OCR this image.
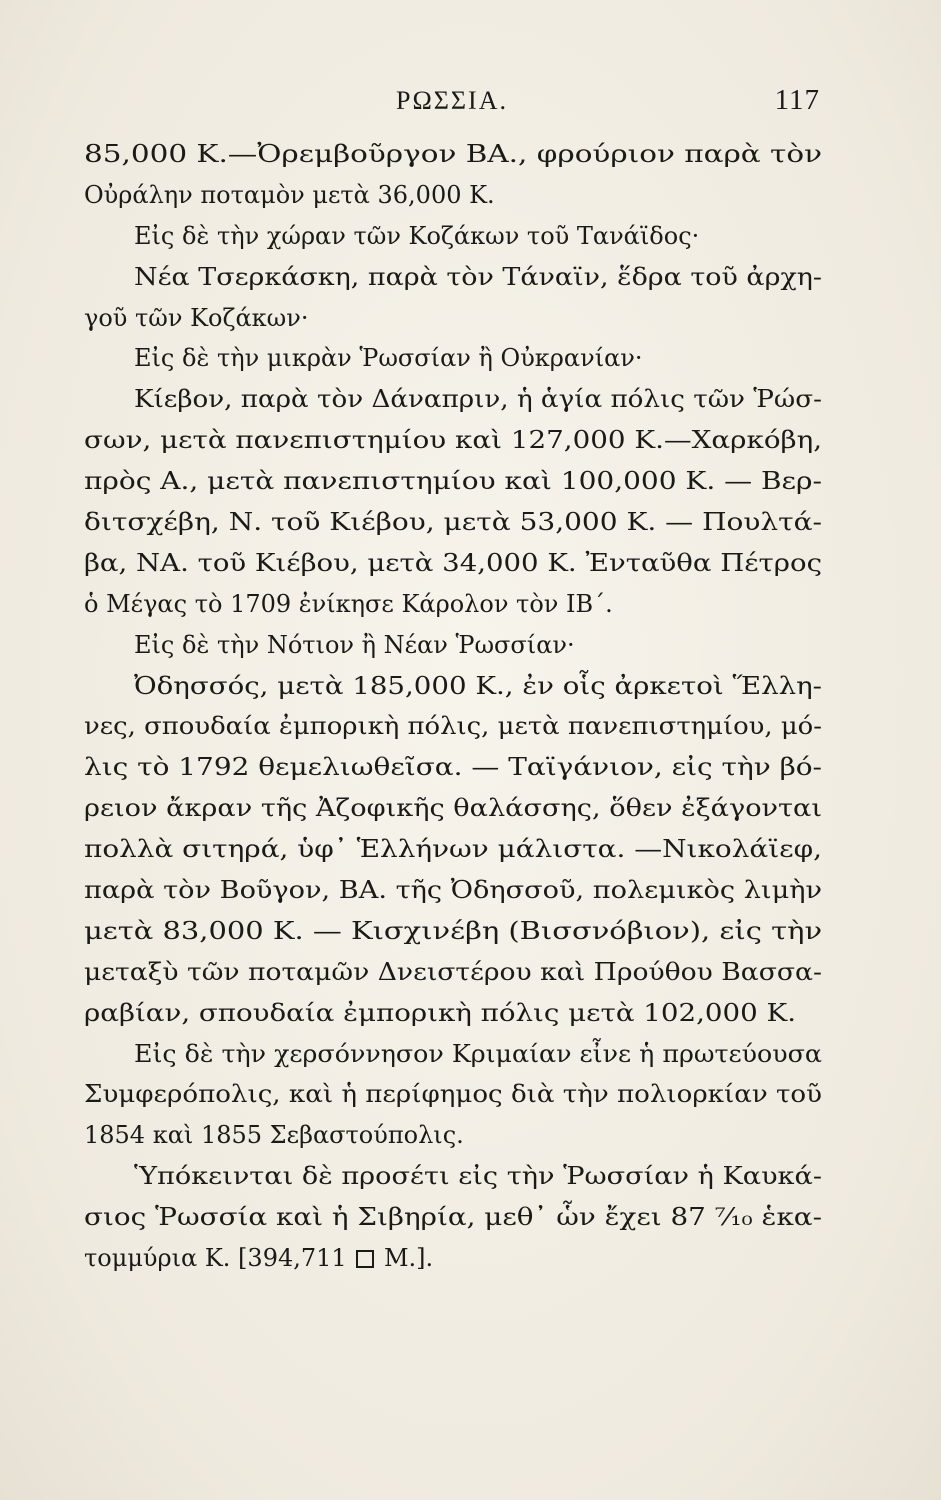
ΡΩΣΣΙΑ.	117
85,000 Κ.—Ὀρεμβοῦργον ΒΑ., φρούριον παρὰ τὸν
Οὐράλην ποταμὸν μετὰ 36,000 Κ.
Εἰς δὲ τὴν χώραν τῶν Κοζάκων τοῦ Τανάϊδος·
Νέα Τσερκάσκη, παρὰ τὸν Τάναϊν, ἕδρα τοῦ ἀρχη-
γοῦ τῶν Κοζάκων·
Εἰς δὲ τὴν μικρὰν Ῥωσσίαν ἢ Οὐκρανίαν·
Κίεβον, παρὰ τὸν Δάναπριν, ἡ ἁγία πόλις τῶν Ῥώσ-
σων, μετὰ πανεπιστημίου καὶ 127,000 Κ.—Χαρκόβη,
πρὸς Α., μετὰ πανεπιστημίου καὶ 100,000 Κ. — Βερ-
διτσχέβη, Ν. τοῦ Κιέβου, μετὰ 53,000 Κ. — Πουλτά-
βα, ΝΑ. τοῦ Κιέβου, μετὰ 34,000 Κ. Ἐνταῦθα Πέτρος
ὁ Μέγας τὸ 1709 ἐνίκησε Κάρολον τὸν ΙΒ΄.
Εἰς δὲ τὴν Νότιον ἢ Νέαν Ῥωσσίαν·
Ὀδησσός, μετὰ 185,000 Κ., ἐν οἷς ἀρκετοὶ Ἕλλη-
νες, σπουδαία ἐμπορικὴ πόλις, μετὰ πανεπιστημίου, μό-
λις τὸ 1792 θεμελιωθεῖσα. — Ταϊγάνιον, εἰς τὴν βό-
ρειον ἄκραν τῆς Ἀζοφικῆς θαλάσσης, ὅθεν ἐξάγονται
πολλὰ σιτηρά, ὑφ᾽ Ἑλλήνων μάλιστα. —Νικολάϊεφ,
παρὰ τὸν Βοῦγον, ΒΑ. τῆς Ὀδησσοῦ, πολεμικὸς λιμὴν
μετὰ 83,000 Κ. — Κισχινέβη (Βισσνόβιον), εἰς τὴν
μεταξὺ τῶν ποταμῶν Δνειστέρου καὶ Προύθου Βασσα-
ραβίαν, σπουδαία ἐμπορικὴ πόλις μετὰ 102,000 Κ.
Εἰς δὲ τὴν χερσόννησον Κριμαίαν εἶνε ἡ πρωτεύουσα
Συμφερόπολις, καὶ ἡ περίφημος διὰ τὴν πολιορκίαν τοῦ
1854 καὶ 1855 Σεβαστούπολις.
Ὑπόκεινται δὲ προσέτι εἰς τὴν Ῥωσσίαν ἡ Καυκά-
σιος Ῥωσσία καὶ ἡ Σιβηρία, μεθ᾽ ὧν ἔχει 87 ⁷⁄₁₀ ἑκα-
τομμύρια Κ. [394,711 Μ.].
